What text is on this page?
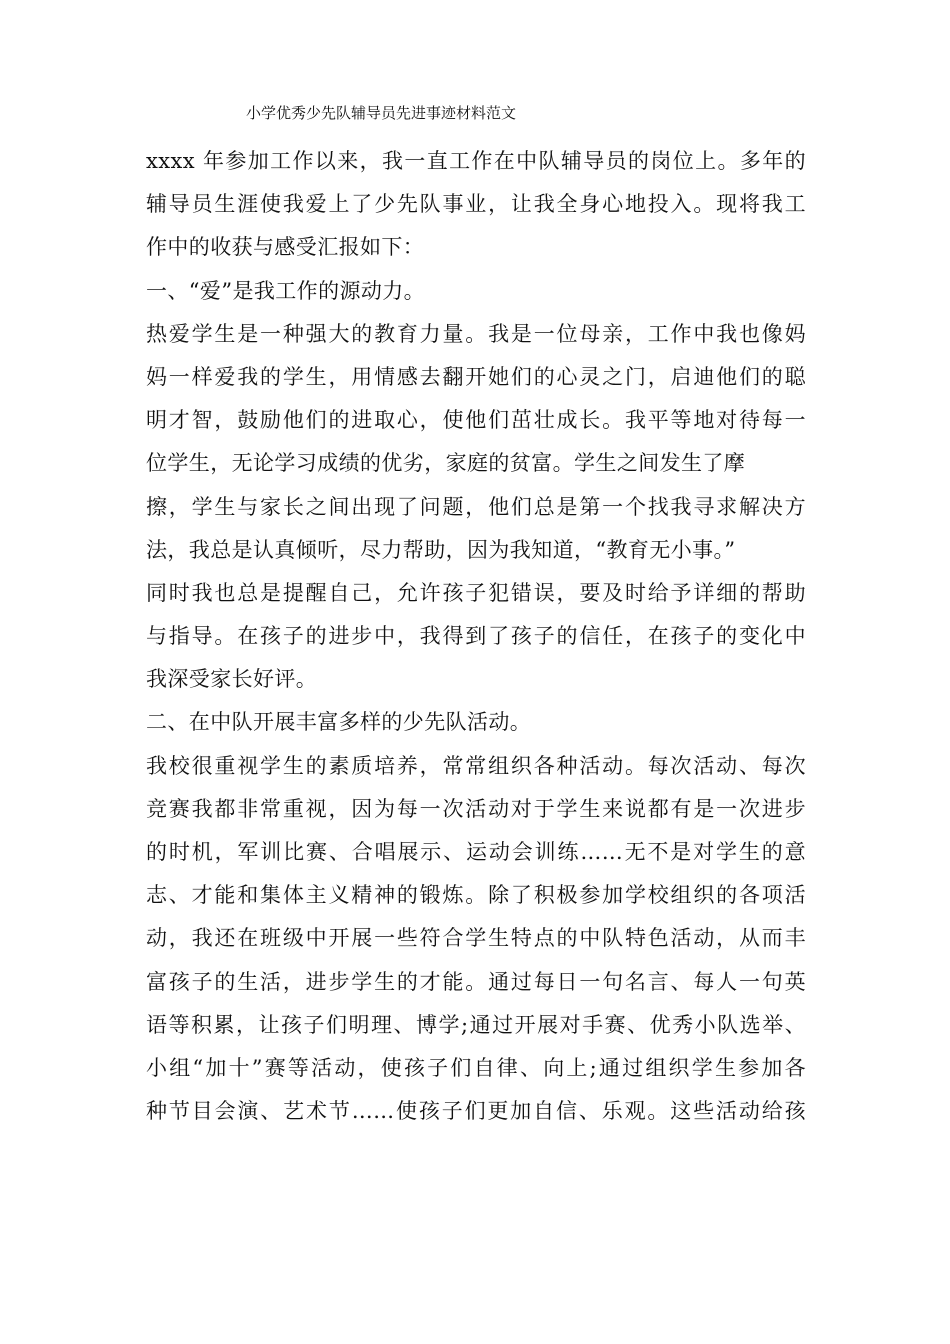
小学优秀少先队辅导员先进事迹材料范文
xxxx 年参加工作以来，我一直工作在中队辅导员的岗位上。多年的
辅导员生涯使我爱上了少先队事业，让我全身心地投入。现将我工
作中的收获与感受汇报如下：
一、“爱”是我工作的源动力。
热爱学生是一种强大的教育力量。我是一位母亲，工作中我也像妈
妈一样爱我的学生，用情感去翻开她们的心灵之门，启迪他们的聪
明才智，鼓励他们的进取心，使他们茁壮成长。我平等地对待每一
位学生，无论学习成绩的优劣，家庭的贫富。学生之间发生了摩
擦，学生与家长之间出现了问题，他们总是第一个找我寻求解决方
法，我总是认真倾听，尽力帮助，因为我知道，“教育无小事。”
同时我也总是提醒自己，允许孩子犯错误，要及时给予详细的帮助
与指导。在孩子的进步中，我得到了孩子的信任，在孩子的变化中
我深受家长好评。
二、在中队开展丰富多样的少先队活动。
我校很重视学生的素质培养，常常组织各种活动。每次活动、每次
竞赛我都非常重视，因为每一次活动对于学生来说都有是一次进步
的时机，军训比赛、合唱展示、运动会训练……无不是对学生的意
志、才能和集体主义精神的锻炼。除了积极参加学校组织的各项活
动，我还在班级中开展一些符合学生特点的中队特色活动，从而丰
富孩子的生活，进步学生的才能。通过每日一句名言、每人一句英
语等积累，让孩子们明理、博学;通过开展对手赛、优秀小队选举、
小组“加十”赛等活动，使孩子们自律、向上;通过组织学生参加各
种节目会演、艺术节……使孩子们更加自信、乐观。这些活动给孩
